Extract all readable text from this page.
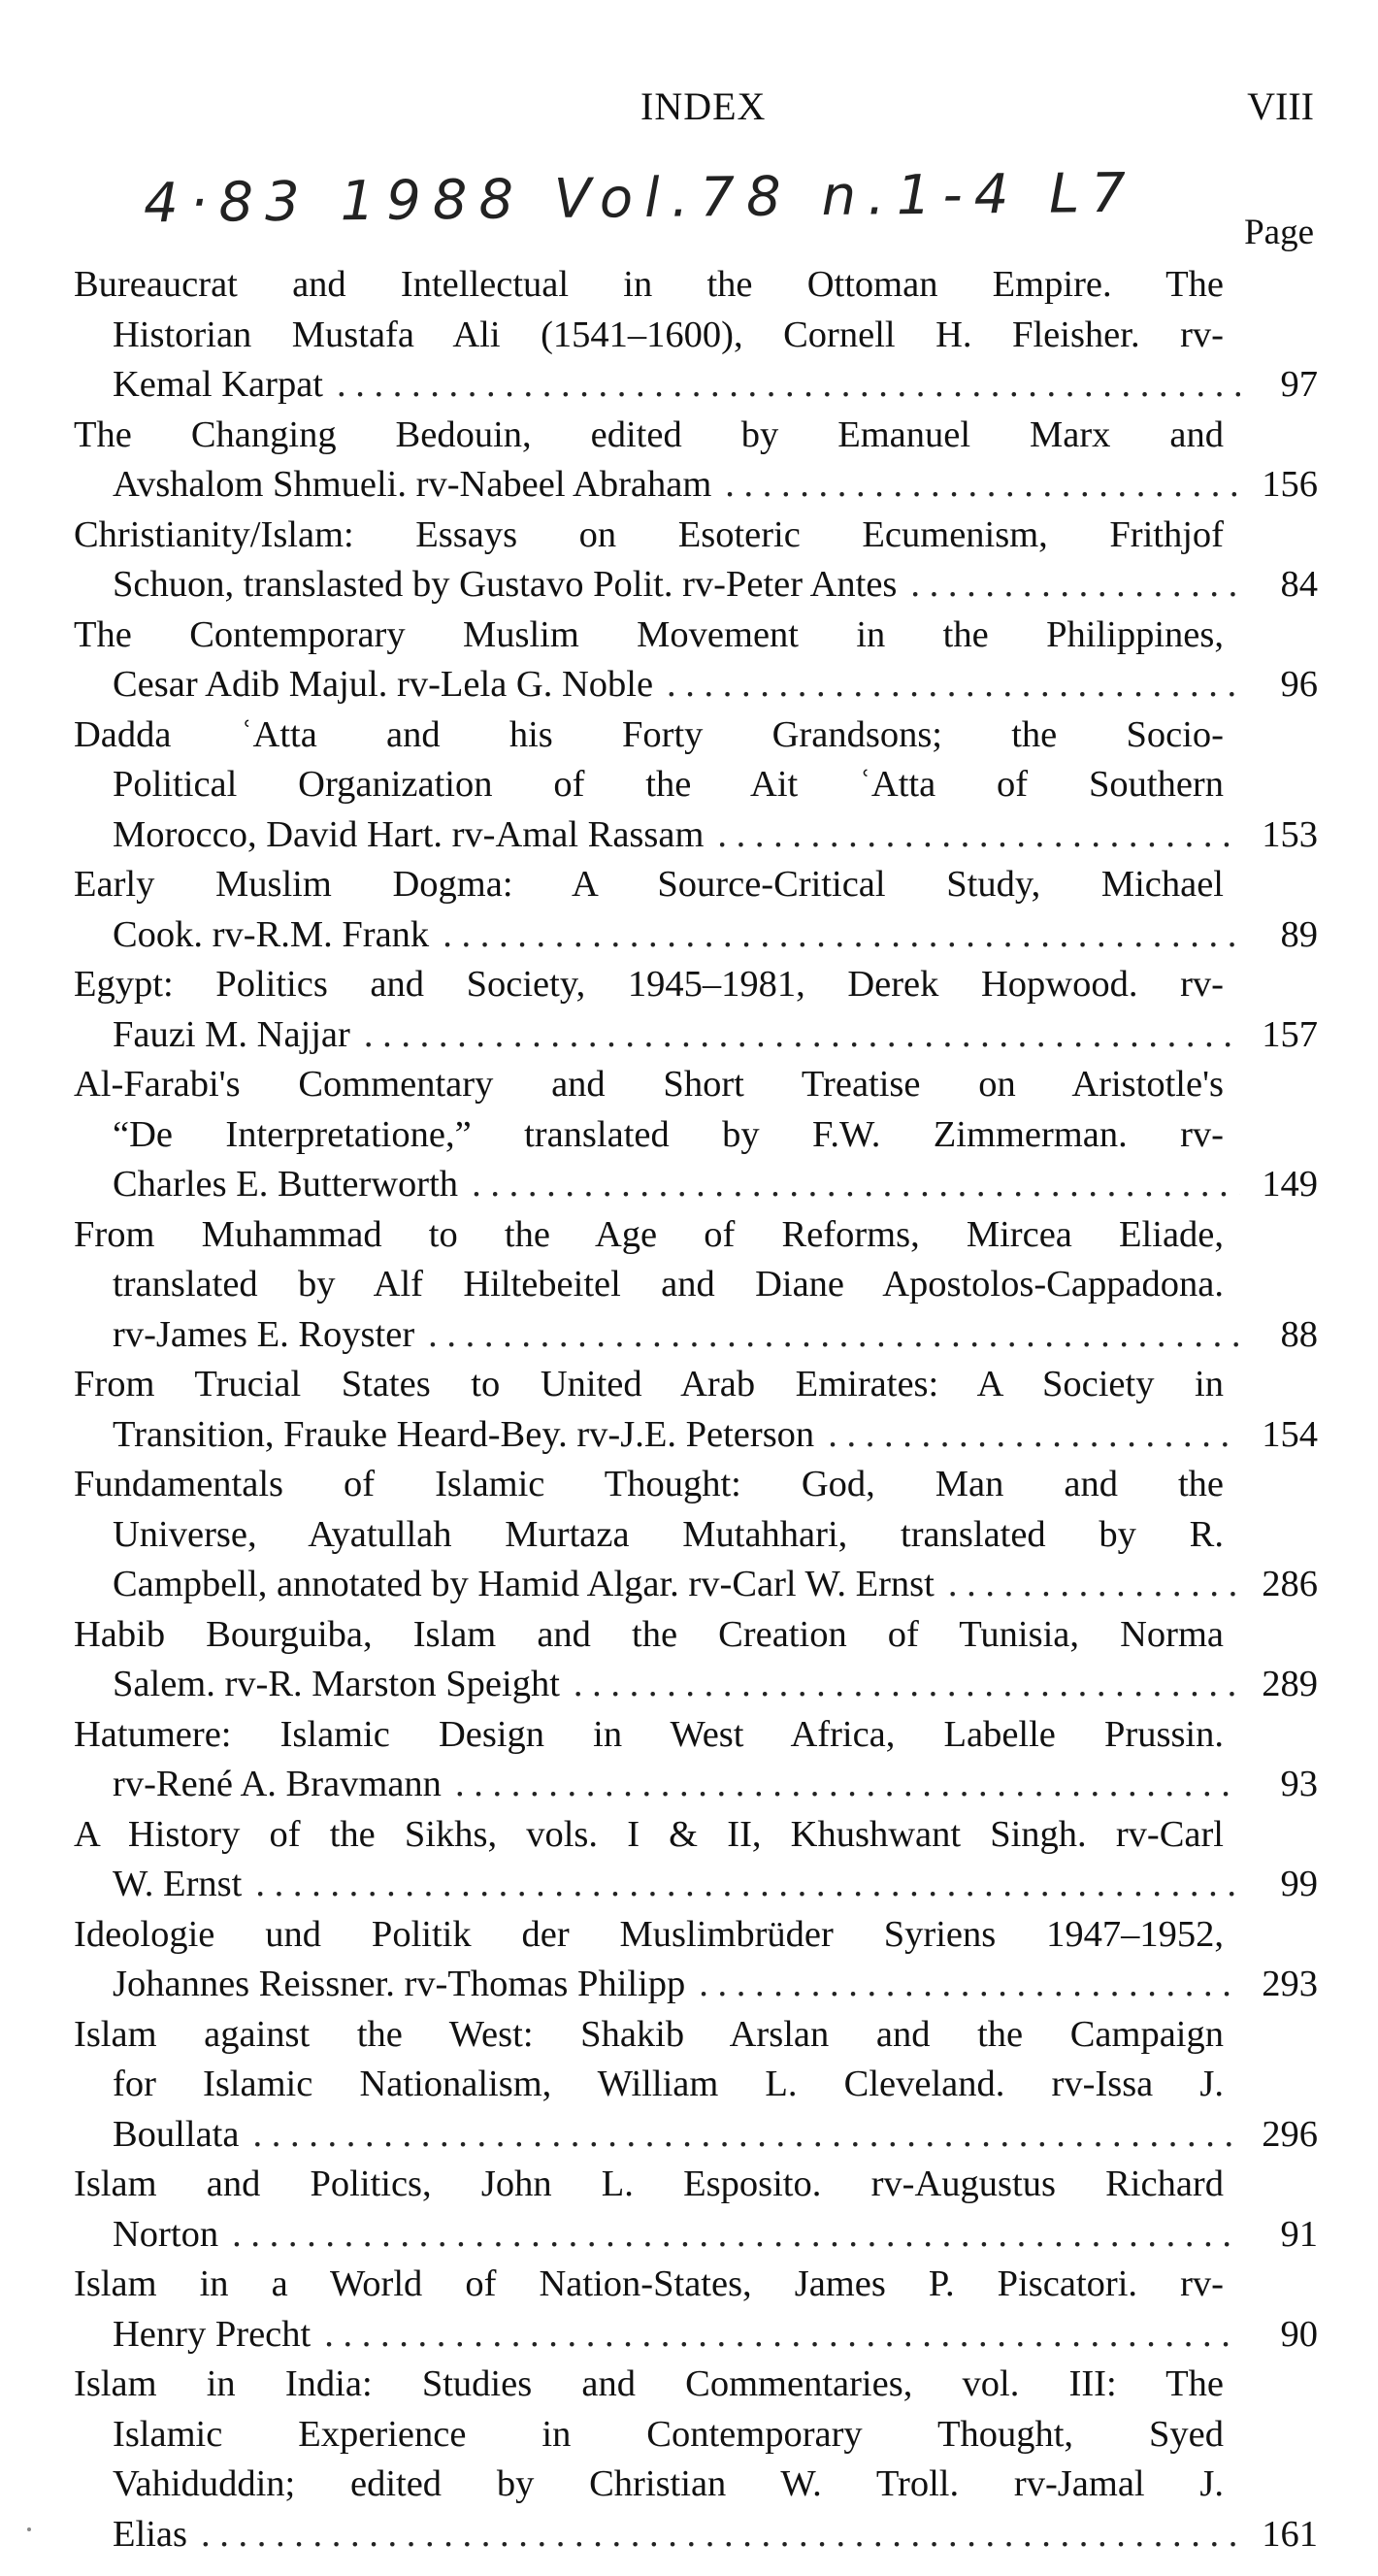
INDEX	VIII
4·83 1988 Vol.78 n.1-4 L7	Page
Bureaucrat and Intellectual in the Ottoman Empire. The
Historian Mustafa Ali (1541–1600), Cornell H. Fleisher. rv-
Kemal Karpat . . .	97
The Changing Bedouin, edited by Emanuel Marx and
Avshalom Shmueli. rv-Nabeel Abraham . . .	156
Christianity/Islam: Essays on Esoteric Ecumenism, Frithjof
Schuon, translasted by Gustavo Polit. rv-Peter Antes . . .	84
The Contemporary Muslim Movement in the Philippines,
Cesar Adib Majul. rv-Lela G. Noble . . .	96
Dadda ʿAtta and his Forty Grandsons; the Socio-
Political Organization of the Ait ʿAtta of Southern
Morocco, David Hart. rv-Amal Rassam . . .	153
Early Muslim Dogma: A Source-Critical Study, Michael
Cook. rv-R.M. Frank . . .	89
Egypt: Politics and Society, 1945–1981, Derek Hopwood. rv-
Fauzi M. Najjar . . .	157
Al-Farabi's Commentary and Short Treatise on Aristotle's
“De Interpretatione,” translated by F.W. Zimmerman. rv-
Charles E. Butterworth . . .	149
From Muhammad to the Age of Reforms, Mircea Eliade,
translated by Alf Hiltebeitel and Diane Apostolos-Cappadona.
rv-James E. Royster . . .	88
From Trucial States to United Arab Emirates: A Society in
Transition, Frauke Heard-Bey. rv-J.E. Peterson . . .	154
Fundamentals of Islamic Thought: God, Man and the
Universe, Ayatullah Murtaza Mutahhari, translated by R.
Campbell, annotated by Hamid Algar. rv-Carl W. Ernst . . .	286
Habib Bourguiba, Islam and the Creation of Tunisia, Norma
Salem. rv-R. Marston Speight . . .	289
Hatumere: Islamic Design in West Africa, Labelle Prussin.
rv-René A. Bravmann . . .	93
A History of the Sikhs, vols. I & II, Khushwant Singh. rv-Carl
W. Ernst . . .	99
Ideologie und Politik der Muslimbrüder Syriens 1947–1952,
Johannes Reissner. rv-Thomas Philipp . . .	293
Islam against the West: Shakib Arslan and the Campaign
for Islamic Nationalism, William L. Cleveland. rv-Issa J.
Boullata . . .	296
Islam and Politics, John L. Esposito. rv-Augustus Richard
Norton . . .	91
Islam in a World of Nation-States, James P. Piscatori. rv-
Henry Precht . . .	90
Islam in India: Studies and Commentaries, vol. III: The
Islamic Experience in Contemporary Thought, Syed
Vahiduddin; edited by Christian W. Troll. rv-Jamal J.
Elias . . .	161
